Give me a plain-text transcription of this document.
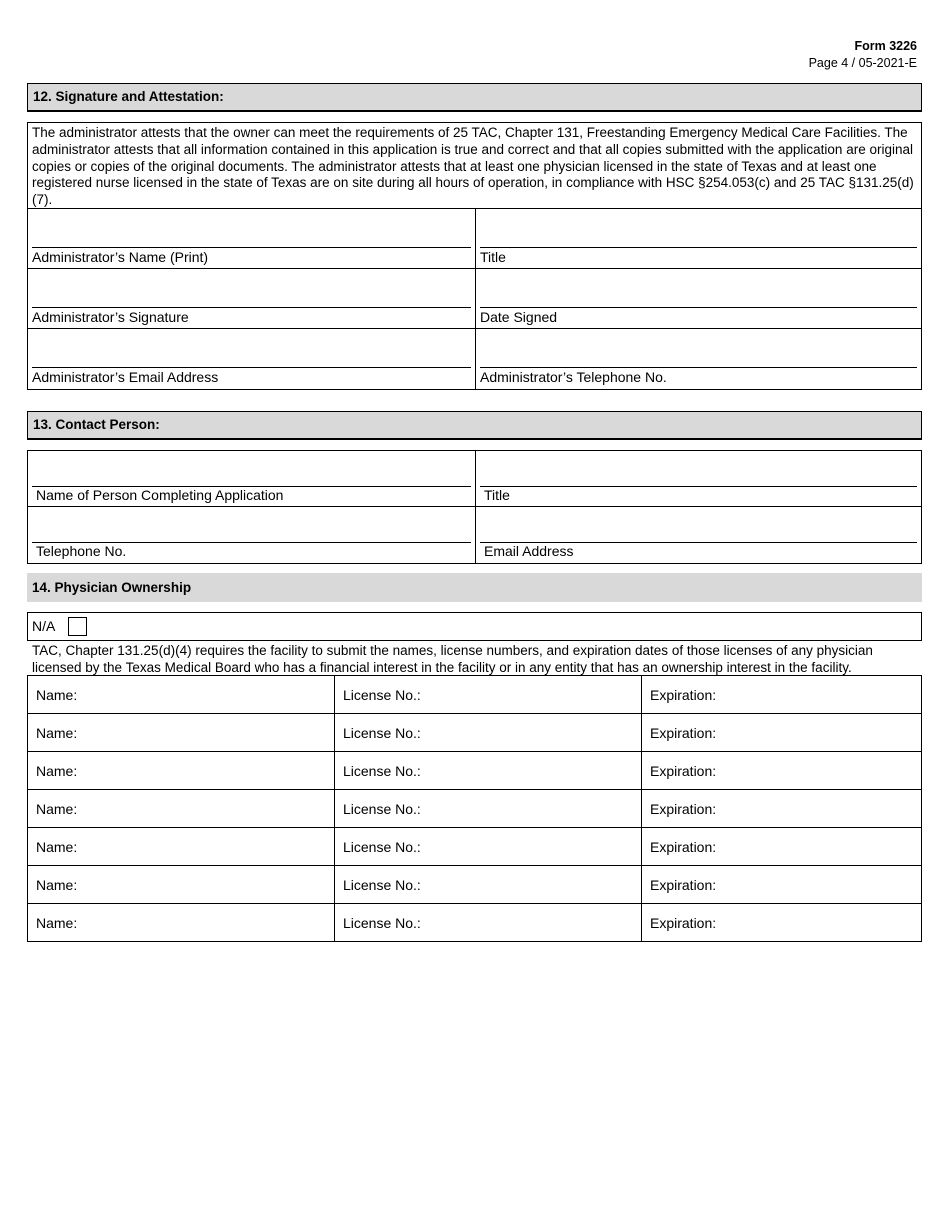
Form 3226
Page 4 / 05-2021-E
12. Signature and Attestation:
The administrator attests that the owner can meet the requirements of 25 TAC, Chapter 131, Freestanding Emergency Medical Care Facilities. The administrator attests that all information contained in this application is true and correct and that all copies submitted with the application are original copies or copies of the original documents. The administrator attests that at least one physician licensed in the state of Texas and at least one registered nurse licensed in the state of Texas are on site during all hours of operation, in compliance with HSC §254.053(c) and 25 TAC §131.25(d)(7).
Administrator’s Name (Print)	Title
Administrator’s Signature	Date Signed
Administrator’s Email Address	Administrator’s Telephone No.
13. Contact Person:
Name of Person Completing Application	Title
Telephone No.	Email Address
14. Physician Ownership
N/A
TAC, Chapter 131.25(d)(4) requires the facility to submit the names, license numbers, and expiration dates of those licenses of any physician licensed by the Texas Medical Board who has a financial interest in the facility or in any entity that has an ownership interest in the facility.
Name:	License No.:	Expiration:
Name:	License No.:	Expiration:
Name:	License No.:	Expiration:
Name:	License No.:	Expiration:
Name:	License No.:	Expiration:
Name:	License No.:	Expiration:
Name:	License No.:	Expiration:
